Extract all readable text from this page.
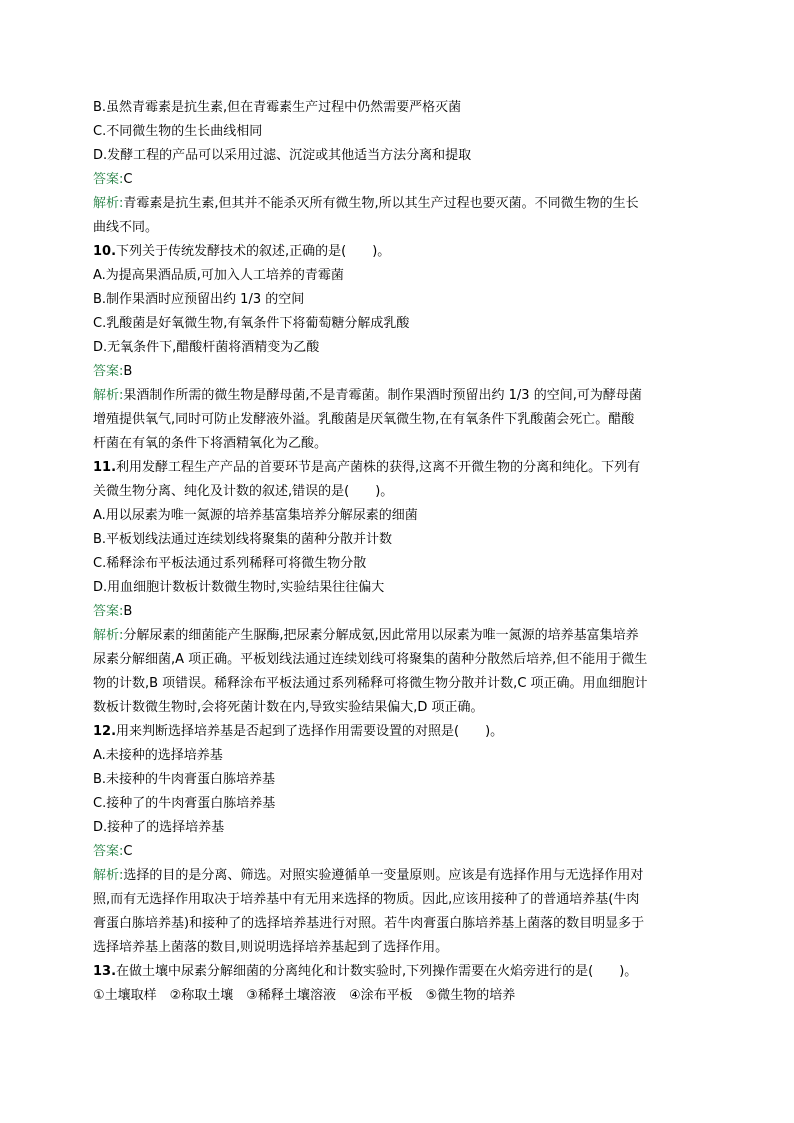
B.虽然青霉素是抗生素,但在青霉素生产过程中仍然需要严格灭菌
C.不同微生物的生长曲线相同
D.发酵工程的产品可以采用过滤、沉淀或其他适当方法分离和提取
答案:C
解析:青霉素是抗生素,但其并不能杀灭所有微生物,所以其生产过程也要灭菌。不同微生物的生长
曲线不同。
10.下列关于传统发酵技术的叙述,正确的是(　　)。
A.为提高果酒品质,可加入人工培养的青霉菌
B.制作果酒时应预留出约 1/3 的空间
C.乳酸菌是好氧微生物,有氧条件下将葡萄糖分解成乳酸
D.无氧条件下,醋酸杆菌将酒精变为乙酸
答案:B
解析:果酒制作所需的微生物是酵母菌,不是青霉菌。制作果酒时预留出约 1/3 的空间,可为酵母菌
增殖提供氧气,同时可防止发酵液外溢。乳酸菌是厌氧微生物,在有氧条件下乳酸菌会死亡。醋酸
杆菌在有氧的条件下将酒精氧化为乙酸。
11.利用发酵工程生产产品的首要环节是高产菌株的获得,这离不开微生物的分离和纯化。下列有
关微生物分离、纯化及计数的叙述,错误的是(　　)。
A.用以尿素为唯一氮源的培养基富集培养分解尿素的细菌
B.平板划线法通过连续划线将聚集的菌种分散并计数
C.稀释涂布平板法通过系列稀释可将微生物分散
D.用血细胞计数板计数微生物时,实验结果往往偏大
答案:B
解析:分解尿素的细菌能产生脲酶,把尿素分解成氨,因此常用以尿素为唯一氮源的培养基富集培养
尿素分解细菌,A 项正确。平板划线法通过连续划线可将聚集的菌种分散然后培养,但不能用于微生
物的计数,B 项错误。稀释涂布平板法通过系列稀释可将微生物分散并计数,C 项正确。用血细胞计
数板计数微生物时,会将死菌计数在内,导致实验结果偏大,D 项正确。
12.用来判断选择培养基是否起到了选择作用需要设置的对照是(　　)。
A.未接种的选择培养基
B.未接种的牛肉膏蛋白胨培养基
C.接种了的牛肉膏蛋白胨培养基
D.接种了的选择培养基
答案:C
解析:选择的目的是分离、筛选。对照实验遵循单一变量原则。应该是有选择作用与无选择作用对
照,而有无选择作用取决于培养基中有无用来选择的物质。因此,应该用接种了的普通培养基(牛肉
膏蛋白胨培养基)和接种了的选择培养基进行对照。若牛肉膏蛋白胨培养基上菌落的数目明显多于
选择培养基上菌落的数目,则说明选择培养基起到了选择作用。
13.在做土壤中尿素分解细菌的分离纯化和计数实验时,下列操作需要在火焰旁进行的是(　　)。
①土壤取样　②称取土壤　③稀释土壤溶液　④涂布平板　⑤微生物的培养
